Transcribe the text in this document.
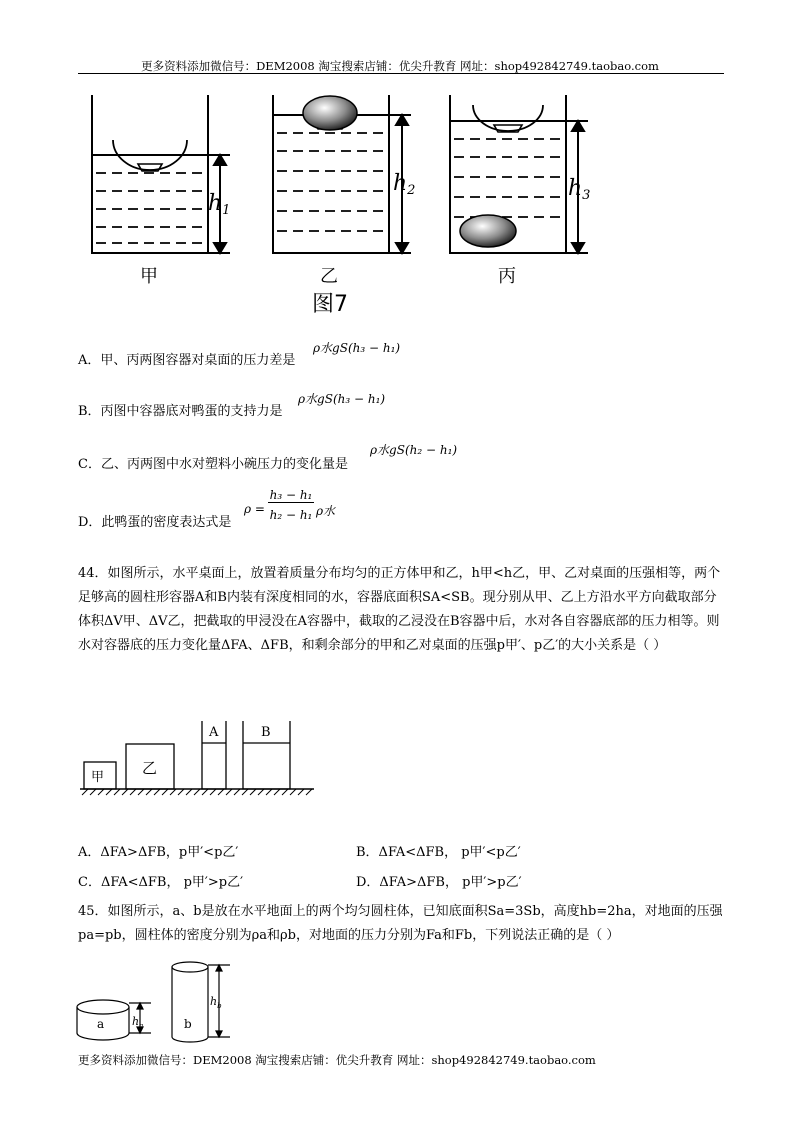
更多资料添加微信号：DEM2008 淘宝搜索店铺：优尖升教育 网址：shop492842749.taobao.com
h1
h2	h3
甲	乙	丙
图7
A．甲、丙两图容器对桌面的压力差是
ρ水gS(h₃ − h₁)
B．丙图中容器底对鸭蛋的支持力是
ρ水gS(h₃ − h₁)
C．乙、丙两图中水对塑料小碗压力的变化量是
ρ水gS(h₂ − h₁)
D．此鸭蛋的密度表达式是
ρ =
h₃ − h₁
h₂ − h₁ ρ水
44．如图所示，水平桌面上，放置着质量分布均匀的正方体甲和乙，h甲<h乙，甲、乙对桌面的压强相等，两个足够高的圆柱形容器A和B内装有深度相同的水，容器底面积SA<SB。现分别从甲、乙上方沿水平方向截取部分体积ΔV甲、ΔV乙，把截取的甲浸没在A容器中，截取的乙浸没在B容器中后，水对各自容器底部的压力相等。则水对容器底的压力变化量ΔFA、ΔFB，和剩余部分的甲和乙对桌面的压强p甲′、p乙′的大小关系是（ ）
甲
乙
A	B
A．ΔFA>ΔFB，p甲′<p乙′	B．ΔFA<ΔFB， p甲′<p乙′
C．ΔFA<ΔFB， p甲′>p乙′	D．ΔFA>ΔFB， p甲′>p乙′
45．如图所示，a、b是放在水平地面上的两个均匀圆柱体，已知底面积Sa=3Sb，高度hb=2ha，对地面的压强pa=pb，圆柱体的密度分别为ρa和ρb，对地面的压力分别为Fa和Fb，下列说法正确的是（ ）
a	b
$h_a$
$h_b$
更多资料添加微信号：DEM2008 淘宝搜索店铺：优尖升教育 网址：shop492842749.taobao.com
